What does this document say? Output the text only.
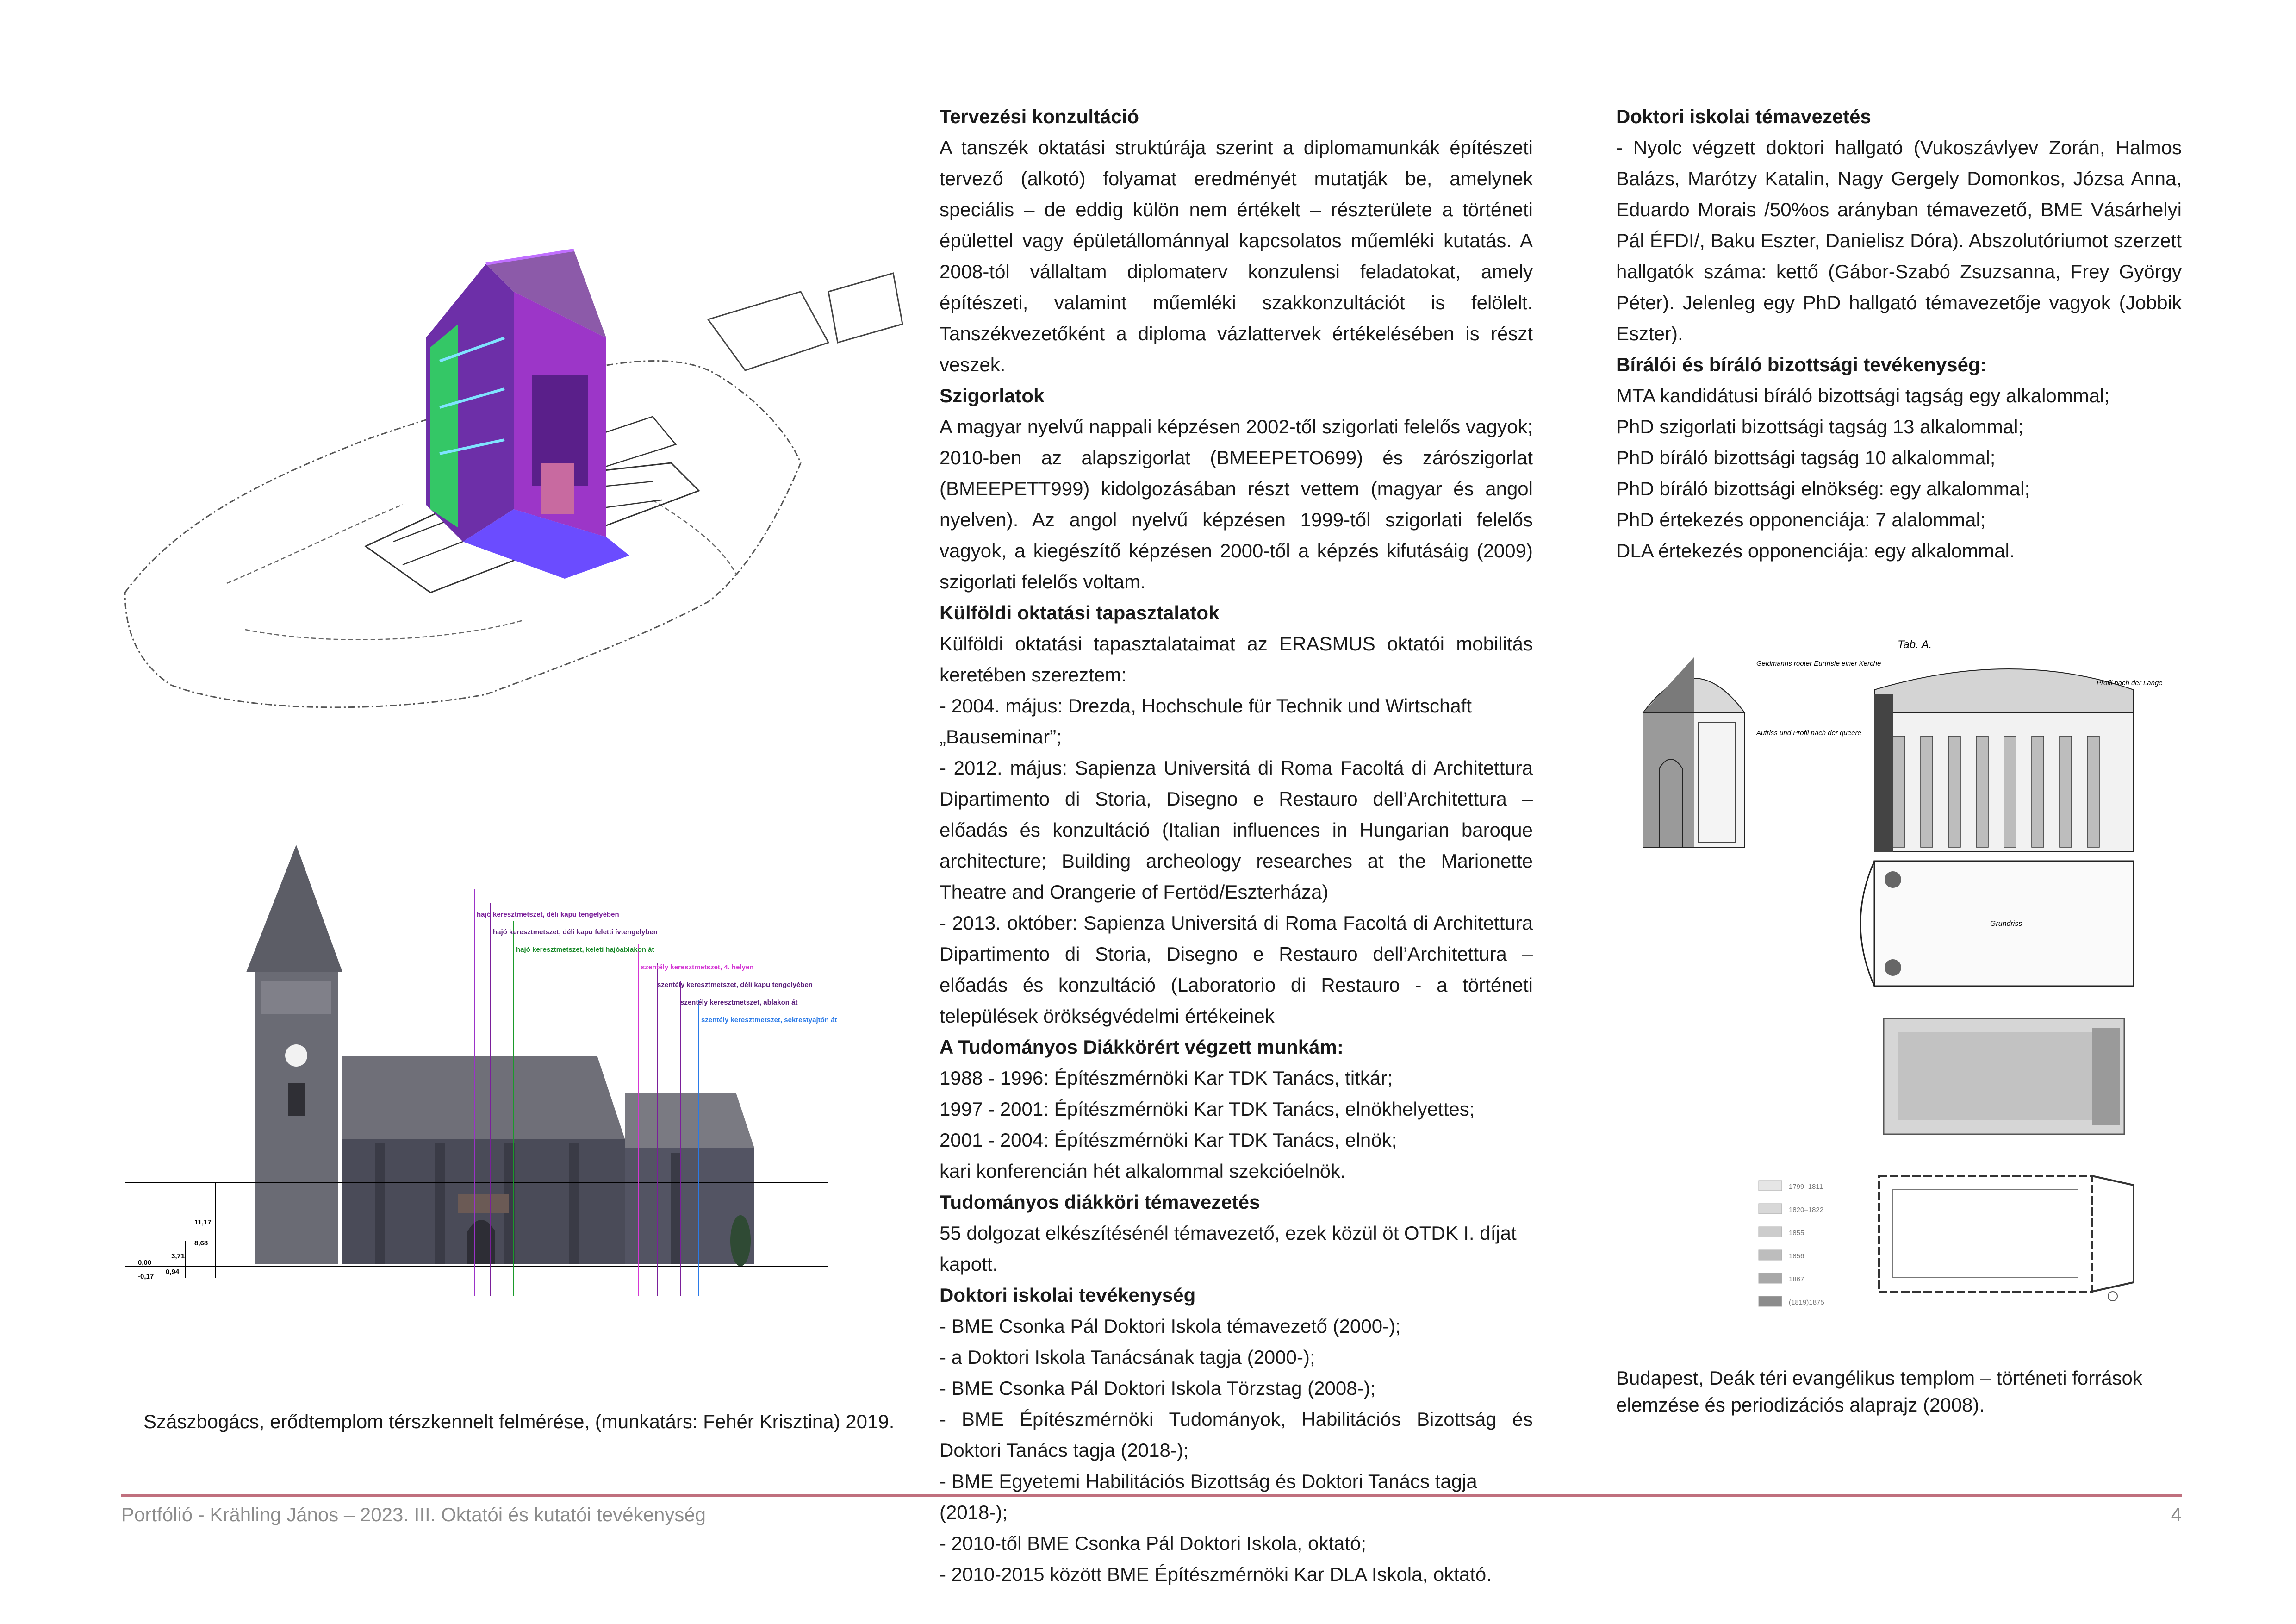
hajó keresztmetszet, déli kapu tengelyében
hajó keresztmetszet, déli kapu feletti ívtengelyben
hajó keresztmetszet, keleti hajóablakon át
szentély keresztmetszet, 4. helyen
szentély keresztmetszet, déli kapu tengelyében
szentély keresztmetszet, ablakon át
szentély keresztmetszet, sekrestyajtón át
11,17
8,68
3,71
0,94
0,00
-0,17
Szászbogács, erődtemplom térszkennelt felmérése, (munkatárs: Fehér Krisztina) 2019.

Tervezési konzultáció

A tanszék oktatási struktúrája szerint a diplomamunkák építészeti tervező (alkotó) folyamat eredményét mutatják be, amelynek speciális – de eddig külön nem értékelt – részterülete a történeti épülettel vagy épületállománnyal kapcsolatos műemléki kutatás. A 2008-tól vállaltam diplomaterv konzulensi feladatokat, amely építészeti, valamint műemléki szakkonzultációt is felölelt. Tanszékvezetőként a diploma vázlattervek értékelésében is részt veszek.

Szigorlatok

A magyar nyelvű nappali képzésen 2002-től szigorlati felelős vagyok; 2010-ben az alapszigorlat (BMEEPETO699) és zárószigorlat (BMEEPETT999) kidolgozásában részt vettem (magyar és angol nyelven). Az angol nyelvű képzésen 1999-től szigorlati felelős vagyok, a kiegészítő képzésen 2000-től a képzés kifutásáig (2009) szigorlati felelős voltam.

Külföldi oktatási tapasztalatok

Külföldi oktatási tapasztalataimat az ERASMUS oktatói mobilitás keretében szereztem:

- 2004. május: Drezda, Hochschule für Technik und Wirtschaft „Bauseminar”;

- 2012. május: Sapienza Universitá di Roma Facoltá di Architettura Dipartimento di Storia, Disegno e Restauro dell’Architettura – előadás és konzultáció (Italian influences in Hungarian baroque architecture; Building archeology researches at the Marionette Theatre and Orangerie of Fertöd/Eszterháza)

- 2013. október: Sapienza Universitá di Roma Facoltá di Architettura Dipartimento di Storia, Disegno e Restauro dell’Architettura – előadás és konzultáció (Laboratorio di Restauro - a történeti települések örökségvédelmi értékeinek

A Tudományos Diákkörért végzett munkám:

1988 - 1996: Építészmérnöki Kar TDK Tanács, titkár;

1997 - 2001: Építészmérnöki Kar TDK Tanács, elnökhelyettes;

2001 - 2004: Építészmérnöki Kar TDK Tanács, elnök;

kari konferencián hét alkalommal szekcióelnök.

Tudományos diákköri témavezetés

55 dolgozat elkészítésénél témavezető, ezek közül öt OTDK I. díjat kapott.

Doktori iskolai tevékenység

- BME Csonka Pál Doktori Iskola témavezető (2000-);

- a Doktori Iskola Tanácsának tagja (2000-);

- BME Csonka Pál Doktori Iskola Törzstag (2008-);

- BME Építészmérnöki Tudományok, Habilitációs Bizottság és Doktori Tanács tagja (2018-);

- BME Egyetemi Habilitációs Bizottság és Doktori Tanács tagja (2018-);

- 2010-től BME Csonka Pál Doktori Iskola, oktató;

- 2010-2015 között BME Építészmérnöki Kar DLA Iskola, oktató.

Doktori iskolai témavezetés

- Nyolc végzett doktori hallgató (Vukoszávlyev Zorán, Halmos Balázs, Marótzy Katalin, Nagy Gergely Domonkos, Józsa Anna, Eduardo Morais /50%os arányban témavezető, BME Vásárhelyi Pál ÉFDI/, Baku Eszter, Danielisz Dóra). Abszolutóriumot szerzett hallgatók száma: kettő (Gábor-Szabó Zsuzsanna, Frey György Péter). Jelenleg egy PhD hallgató témavezetője vagyok (Jobbik Eszter).

Bírálói és bíráló bizottsági tevékenység:

MTA kandidátusi bíráló bizottsági tagság egy alkalommal;

PhD szigorlati bizottsági tagság 13 alkalommal;

PhD bíráló bizottsági tagság 10 alkalommal;

PhD bíráló bizottsági elnökség: egy alkalommal;

PhD értekezés opponenciája: 7 alalommal;

DLA értekezés opponenciája: egy alkalommal.

Tab. A.
Geldmanns rooter Eurtrisfe einer Kerche
Aufriss und Profil nach der queere
Profil nach der Länge
Grundriss
1799–1811
1820–1822
1855
1856
1867
(1819)1875
Budapest, Deák téri evangélikus templom – történeti források elemzése és periodizációs alaprajz (2008).
Portfólió - Krähling János – 2023. III. Oktatói és kutatói tevékenység	4
